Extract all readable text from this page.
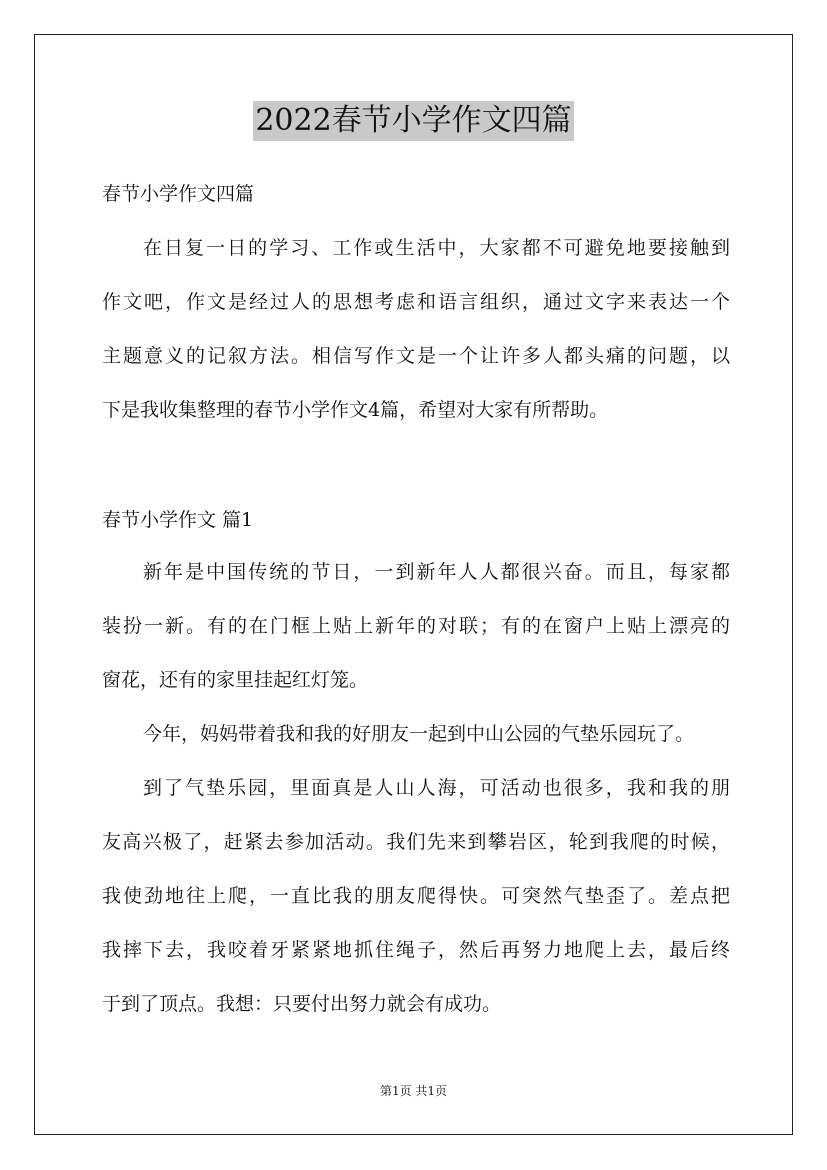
2022春节小学作文四篇
春节小学作文四篇
在日复一日的学习、工作或生活中，大家都不可避免地要接触到
作文吧，作文是经过人的思想考虑和语言组织，通过文字来表达一个
主题意义的记叙方法。相信写作文是一个让许多人都头痛的问题，以
下是我收集整理的春节小学作文4篇，希望对大家有所帮助。
春节小学作文 篇1
新年是中国传统的节日，一到新年人人都很兴奋。而且，每家都
装扮一新。有的在门框上贴上新年的对联；有的在窗户上贴上漂亮的
窗花，还有的家里挂起红灯笼。
今年，妈妈带着我和我的好朋友一起到中山公园的气垫乐园玩了。
到了气垫乐园，里面真是人山人海，可活动也很多，我和我的朋
友高兴极了，赶紧去参加活动。我们先来到攀岩区，轮到我爬的时候，
我使劲地往上爬，一直比我的朋友爬得快。可突然气垫歪了。差点把
我摔下去，我咬着牙紧紧地抓住绳子，然后再努力地爬上去，最后终
于到了顶点。我想：只要付出努力就会有成功。
第1页 共1页
